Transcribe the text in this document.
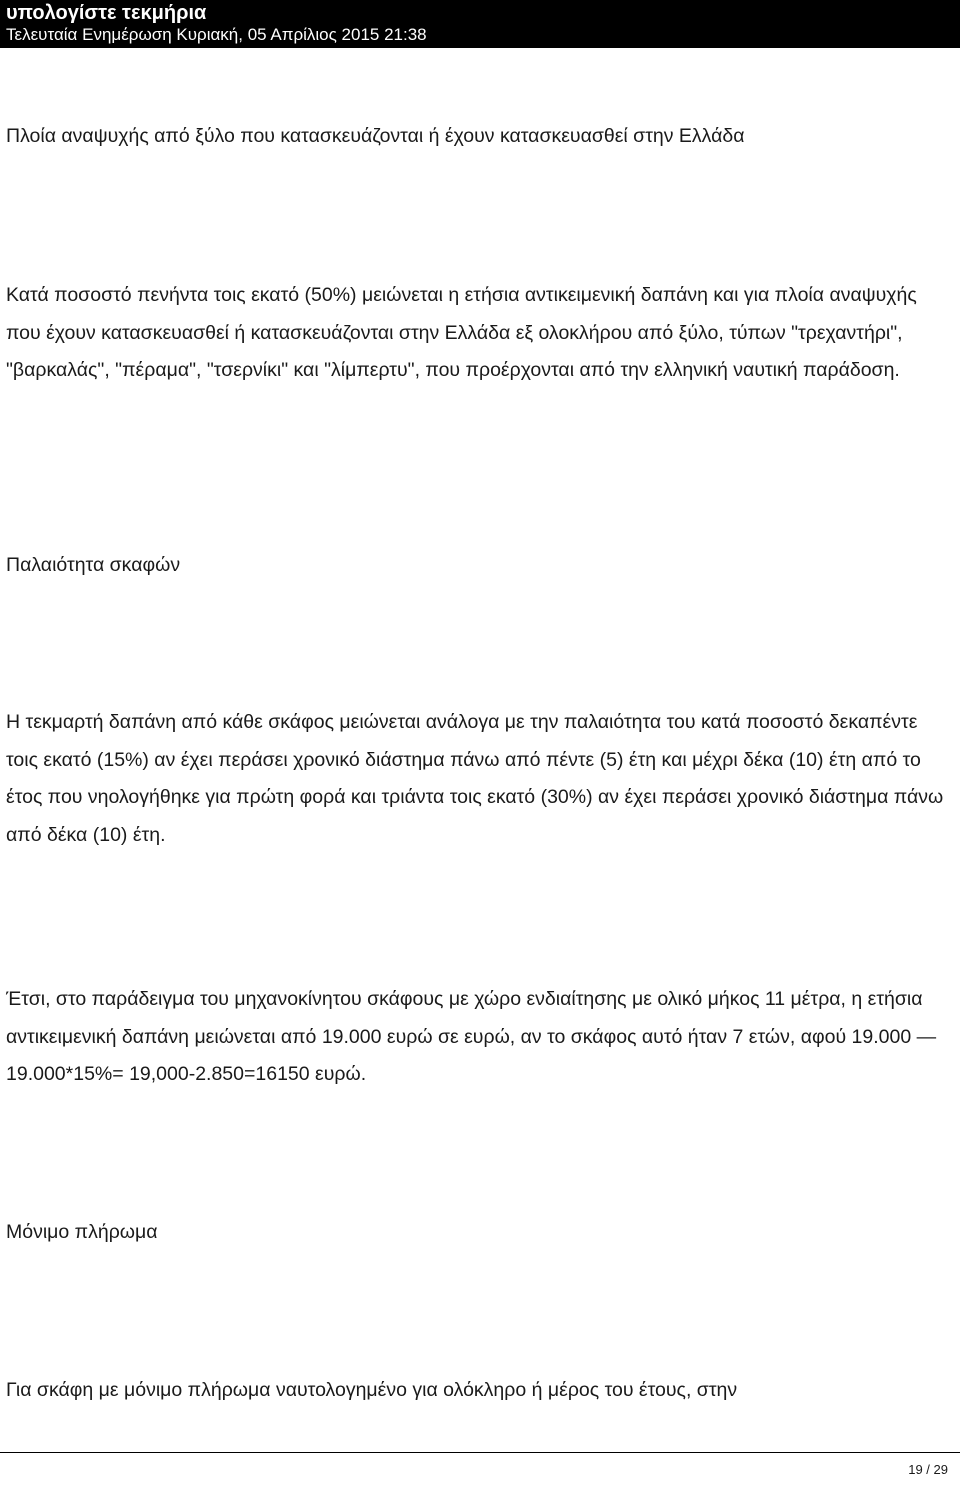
υπολογίστε τεκμήρια
Τελευταία Ενημέρωση Κυριακή, 05 Απρίλιος 2015 21:38
Πλοία αναψυχής από ξύλο που κατασκευάζονται ή έχουν κατασκευασθεί στην Ελλάδα
Κατά ποσοστό πενήντα τοις εκατό (50%) μειώνεται η ετήσια αντικειμενική δαπάνη και για πλοία αναψυχής που έχουν κατασκευασθεί ή κατασκευάζονται στην Ελλάδα εξ ολοκλήρου από ξύλο, τύπων "τρεχαντήρι", "βαρκαλάς", "πέραμα", "τσερνίκι" και "λίμπερτυ", που προέρχονται από την ελληνική ναυτική παράδοση.
Παλαιότητα σκαφών
Η τεκμαρτή δαπάνη από κάθε σκάφος μειώνεται ανάλογα με την παλαιότητα του κατά ποσοστό δεκαπέντε τοις εκατό (15%) αν έχει περάσει χρονικό διάστημα πάνω από πέντε (5) έτη και μέχρι δέκα (10) έτη από το έτος που νηολογήθηκε για πρώτη φορά και τριάντα τοις εκατό (30%) αν έχει περάσει χρονικό διάστημα πάνω από δέκα (10) έτη.
Έτσι, στο παράδειγμα του μηχανοκίνητου σκάφους με χώρο ενδιαίτησης με ολικό μήκος 11 μέτρα, η ετήσια αντικειμενική δαπάνη μειώνεται από 19.000 ευρώ σε ευρώ, αν το σκάφος αυτό ήταν 7 ετών, αφού 19.000 — 19.000*15%= 19,000-2.850=16150 ευρώ.
Μόνιμο πλήρωμα
Για σκάφη με μόνιμο πλήρωμα ναυτολογημένο για ολόκληρο ή μέρος του έτους, στην
19 / 29
